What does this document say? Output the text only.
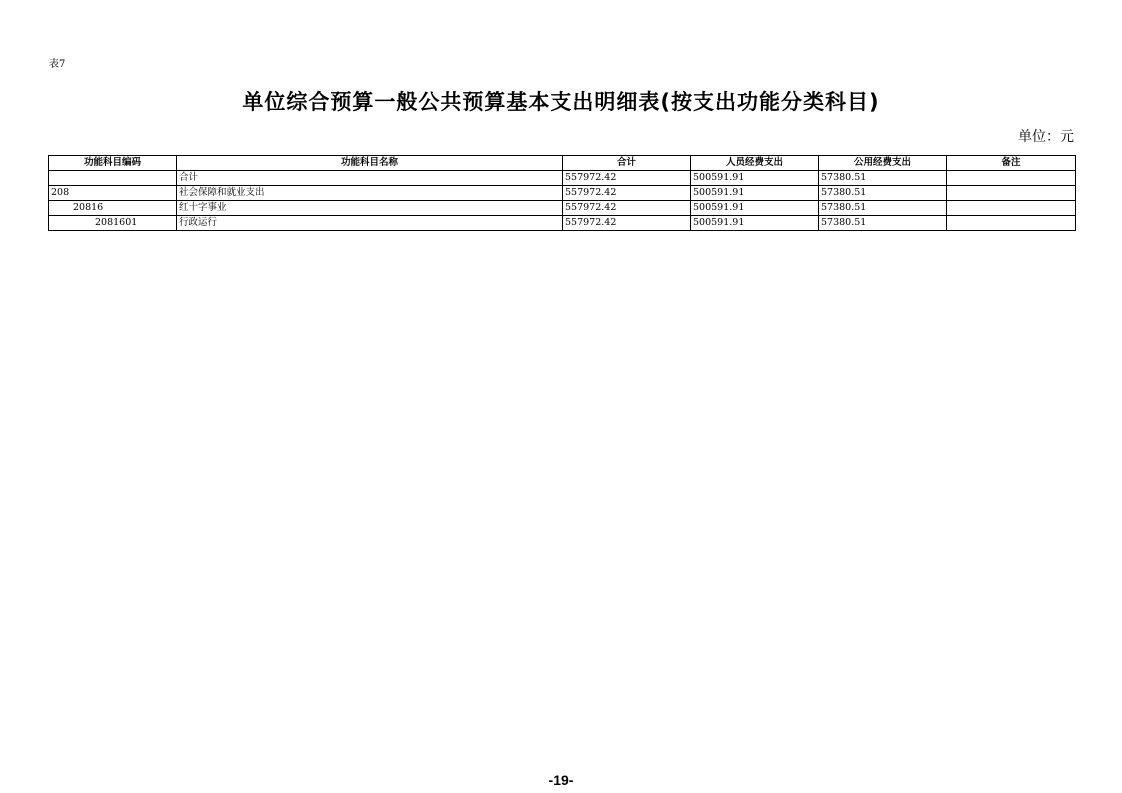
表7
单位综合预算一般公共预算基本支出明细表(按支出功能分类科目)
单位：元
功能科目编码	功能科目名称	合计	人员经费支出	公用经费支出	备注
	合计	557972.42	500591.91	57380.51	
208	社会保障和就业支出	557972.42	500591.91	57380.51	
20816	红十字事业	557972.42	500591.91	57380.51	
2081601	行政运行	557972.42	500591.91	57380.51	
-19-
